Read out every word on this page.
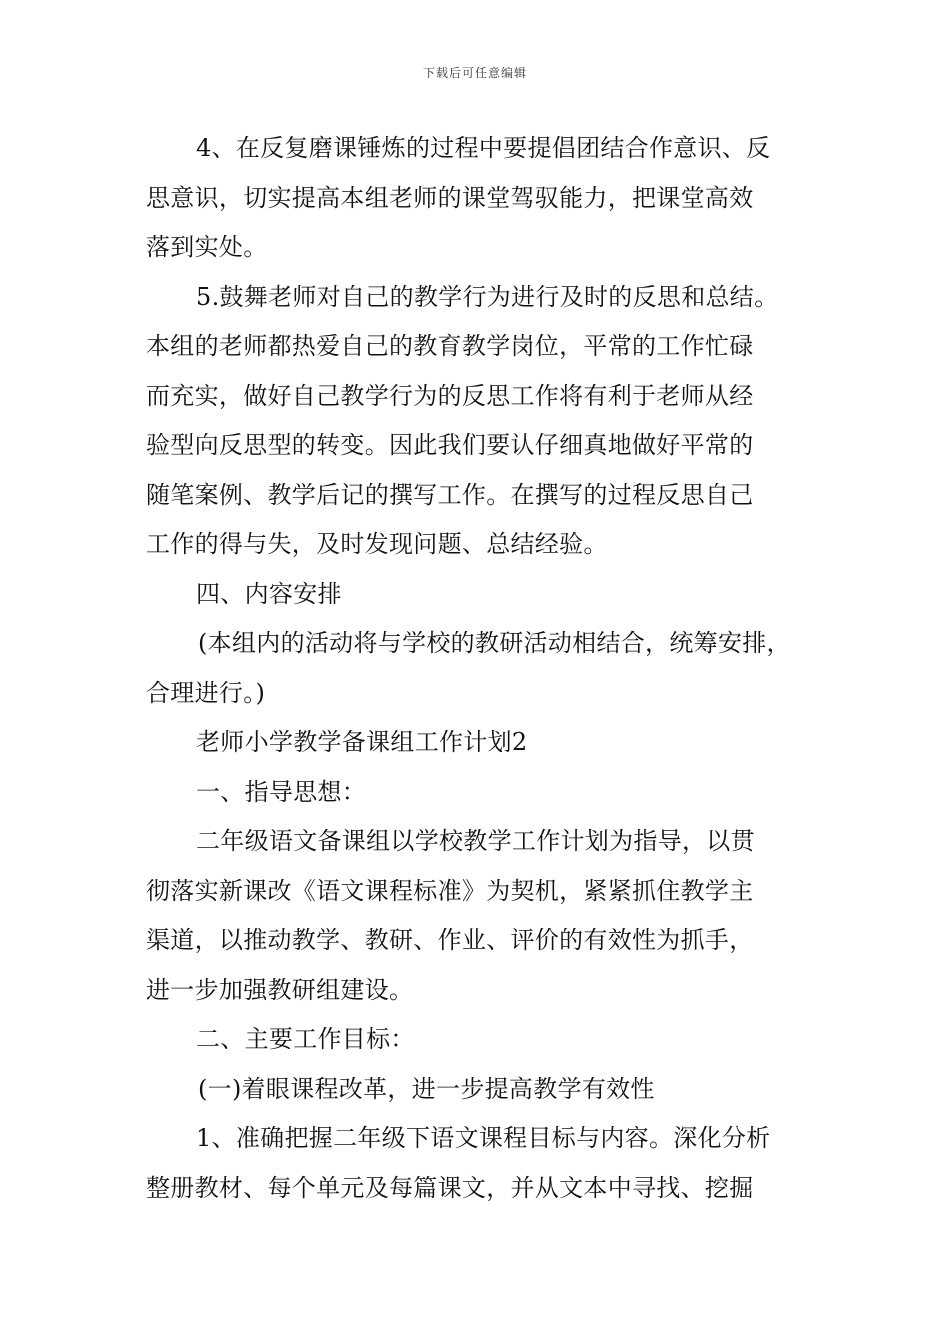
下载后可任意编辑
4、在反复磨课锤炼的过程中要提倡团结合作意识、反
思意识，切实提高本组老师的课堂驾驭能力，把课堂高效
落到实处。
5.鼓舞老师对自己的教学行为进行及时的反思和总结。
本组的老师都热爱自己的教育教学岗位，平常的工作忙碌
而充实，做好自己教学行为的反思工作将有利于老师从经
验型向反思型的转变。因此我们要认仔细真地做好平常的
随笔案例、教学后记的撰写工作。在撰写的过程反思自己
工作的得与失，及时发现问题、总结经验。
四、内容安排
(本组内的活动将与学校的教研活动相结合，统筹安排，
合理进行。)
老师小学教学备课组工作计划2
一、指导思想：
二年级语文备课组以学校教学工作计划为指导，以贯
彻落实新课改《语文课程标准》为契机，紧紧抓住教学主
渠道，以推动教学、教研、作业、评价的有效性为抓手，
进一步加强教研组建设。
二、主要工作目标：
(一)着眼课程改革，进一步提高教学有效性
1、准确把握二年级下语文课程目标与内容。深化分析
整册教材、每个单元及每篇课文，并从文本中寻找、挖掘
